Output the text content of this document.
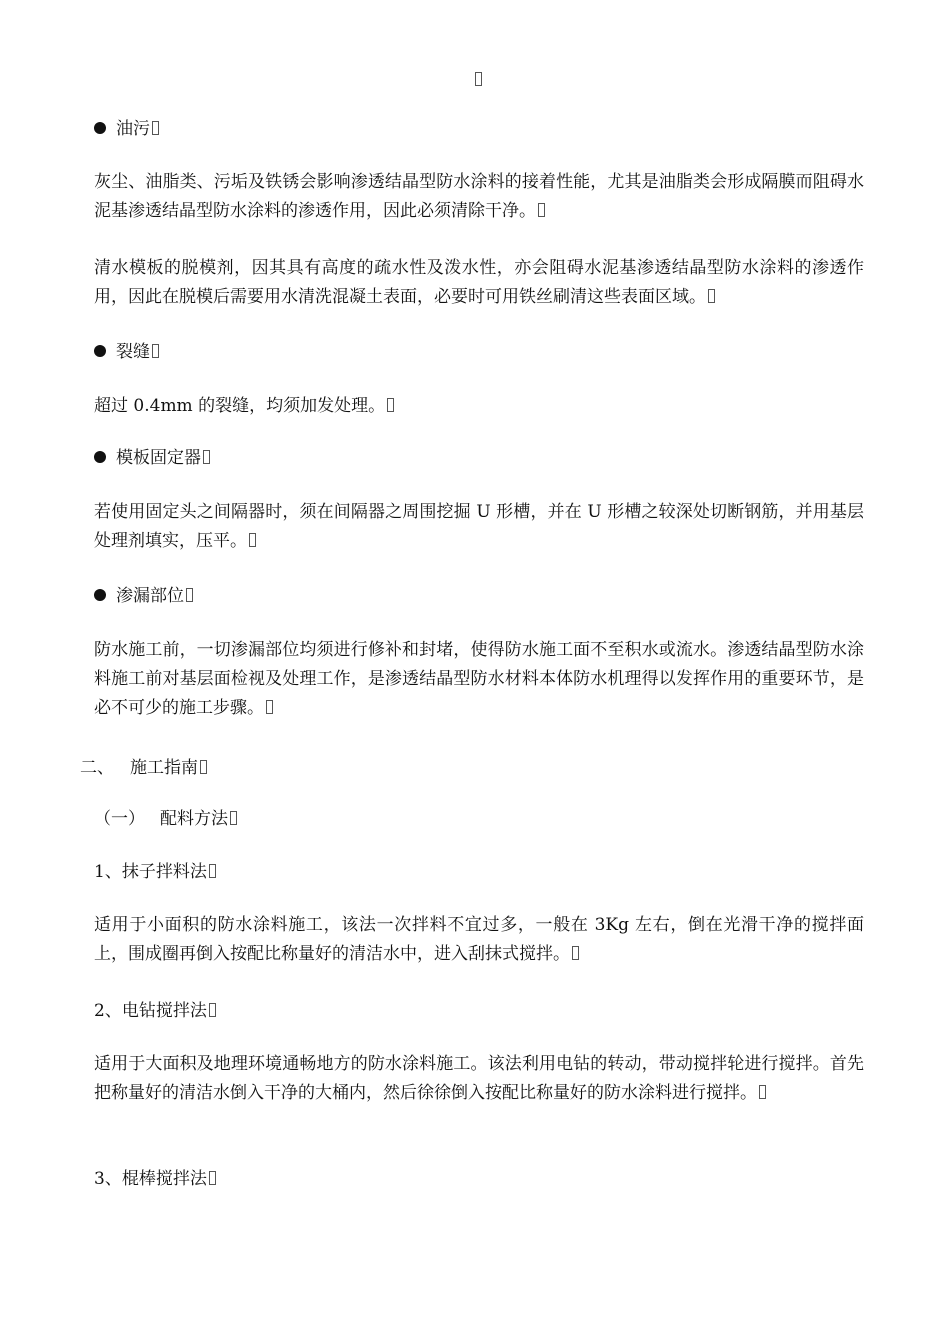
油污
灰尘、油脂类、污垢及铁锈会影响渗透结晶型防水涂料的接着性能，尤其是油脂类会形成隔膜而阻碍水泥基渗透结晶型防水涂料的渗透作用，因此必须清除干净。
清水模板的脱模剂，因其具有高度的疏水性及泼水性，亦会阻碍水泥基渗透结晶型防水涂料的渗透作用，因此在脱模后需要用水清洗混凝土表面，必要时可用铁丝刷清这些表面区域。
裂缝
超过 0.4mm 的裂缝，均须加发处理。
模板固定器
若使用固定头之间隔器时，须在间隔器之周围挖掘 U 形槽，并在 U 形槽之较深处切断钢筋，并用基层处理剂填实，压平。
渗漏部位
防水施工前，一切渗漏部位均须进行修补和封堵，使得防水施工面不至积水或流水。渗透结晶型防水涂料施工前对基层面检视及处理工作，是渗透结晶型防水材料本体防水机理得以发挥作用的重要环节，是必不可少的施工步骤。
二、 施工指南
（一） 配料方法
1、抹子拌料法
适用于小面积的防水涂料施工，该法一次拌料不宜过多，一般在 3Kg 左右，倒在光滑干净的搅拌面上，围成圈再倒入按配比称量好的清洁水中，进入刮抹式搅拌。
2、电钻搅拌法
适用于大面积及地理环境通畅地方的防水涂料施工。该法利用电钻的转动，带动搅拌轮进行搅拌。首先把称量好的清洁水倒入干净的大桶内，然后徐徐倒入按配比称量好的防水涂料进行搅拌。
3、棍棒搅拌法
